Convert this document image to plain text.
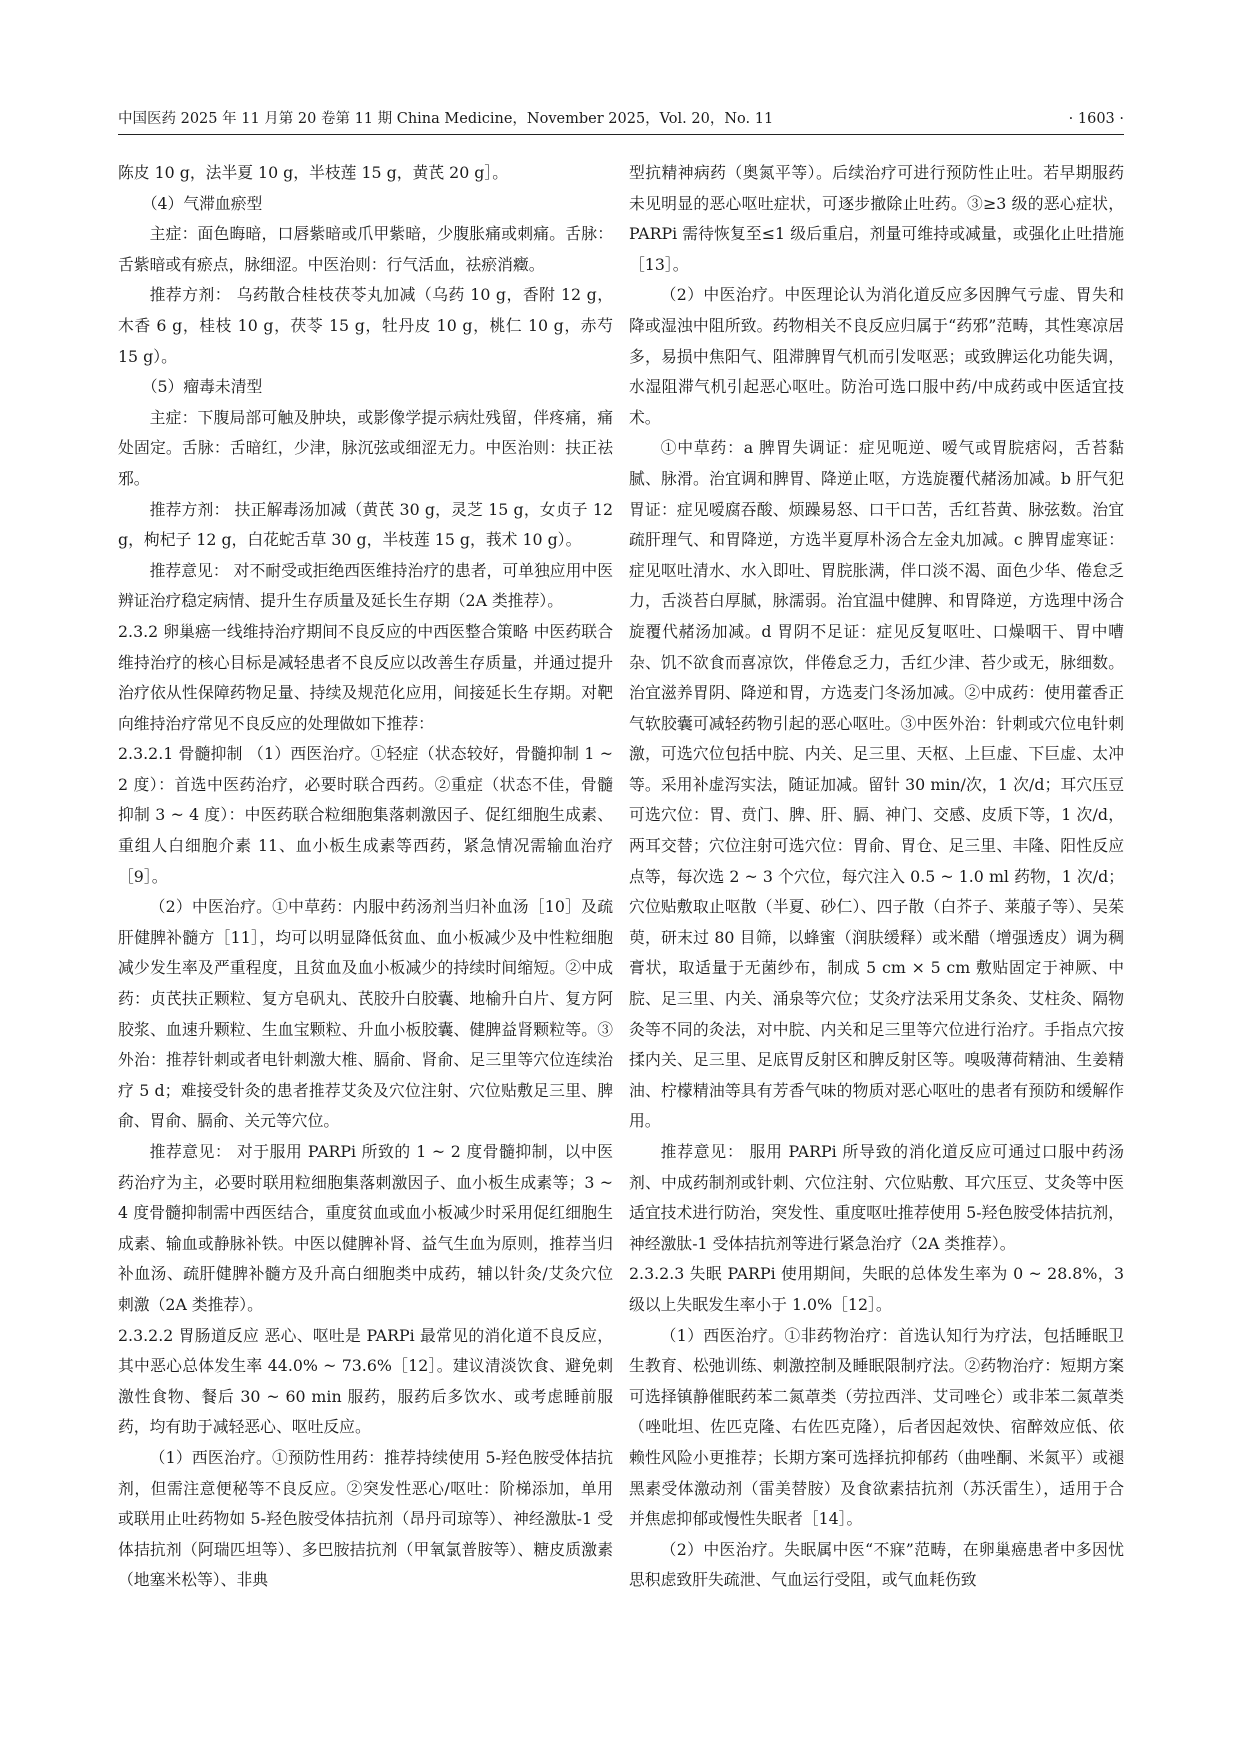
中国医药 2025 年 11 月第 20 卷第 11 期 China Medicine，November 2025，Vol. 20，No. 11	· 1603 ·

陈皮 10 g，法半夏 10 g，半枝莲 15 g，黄芪 20 g］。

（4）气滞血瘀型

主症：面色晦暗，口唇紫暗或爪甲紫暗，少腹胀痛或刺痛。舌脉：舌紫暗或有瘀点，脉细涩。中医治则：行气活血，祛瘀消癥。

推荐方剂： 乌药散合桂枝茯苓丸加减（乌药 10 g，香附 12 g，木香 6 g，桂枝 10 g，茯苓 15 g，牡丹皮 10 g，桃仁 10 g，赤芍 15 g）。

（5）瘤毒未清型

主症：下腹局部可触及肿块，或影像学提示病灶残留，伴疼痛，痛处固定。舌脉：舌暗红，少津，脉沉弦或细涩无力。中医治则：扶正祛邪。

推荐方剂： 扶正解毒汤加减（黄芪 30 g，灵芝 15 g，女贞子 12 g，枸杞子 12 g，白花蛇舌草 30 g，半枝莲 15 g，莪术 10 g）。

推荐意见： 对不耐受或拒绝西医维持治疗的患者，可单独应用中医辨证治疗稳定病情、提升生存质量及延长生存期（2A 类推荐）。

2.3.2 卵巢癌一线维持治疗期间不良反应的中西医整合策略 中医药联合维持治疗的核心目标是减轻患者不良反应以改善生存质量，并通过提升治疗依从性保障药物足量、持续及规范化应用，间接延长生存期。对靶向维持治疗常见不良反应的处理做如下推荐：

2.3.2.1 骨髓抑制 （1）西医治疗。①轻症（状态较好，骨髓抑制 1 ~ 2 度）：首选中医药治疗，必要时联合西药。②重症（状态不佳，骨髓抑制 3 ~ 4 度）：中医药联合粒细胞集落刺激因子、促红细胞生成素、重组人白细胞介素 11、血小板生成素等西药，紧急情况需输血治疗［9］。

（2）中医治疗。①中草药：内服中药汤剂当归补血汤［10］及疏肝健脾补髓方［11］，均可以明显降低贫血、血小板减少及中性粒细胞减少发生率及严重程度，且贫血及血小板减少的持续时间缩短。②中成药：贞芪扶正颗粒、复方皂矾丸、芪胶升白胶囊、地榆升白片、复方阿胶浆、血速升颗粒、生血宝颗粒、升血小板胶囊、健脾益肾颗粒等。③外治：推荐针刺或者电针刺激大椎、膈俞、肾俞、足三里等穴位连续治疗 5 d；难接受针灸的患者推荐艾灸及穴位注射、穴位贴敷足三里、脾俞、胃俞、膈俞、关元等穴位。

推荐意见： 对于服用 PARPi 所致的 1 ~ 2 度骨髓抑制，以中医药治疗为主，必要时联用粒细胞集落刺激因子、血小板生成素等；3 ~ 4 度骨髓抑制需中西医结合，重度贫血或血小板减少时采用促红细胞生成素、输血或静脉补铁。中医以健脾补肾、益气生血为原则，推荐当归补血汤、疏肝健脾补髓方及升高白细胞类中成药，辅以针灸/艾灸穴位刺激（2A 类推荐）。

2.3.2.2 胃肠道反应 恶心、呕吐是 PARPi 最常见的消化道不良反应，其中恶心总体发生率 44.0% ~ 73.6%［12］。建议清淡饮食、避免刺激性食物、餐后 30 ~ 60 min 服药，服药后多饮水、或考虑睡前服药，均有助于减轻恶心、呕吐反应。

（1）西医治疗。①预防性用药：推荐持续使用 5-羟色胺受体拮抗剂，但需注意便秘等不良反应。②突发性恶心/呕吐：阶梯添加，单用或联用止吐药物如 5-羟色胺受体拮抗剂（昂丹司琼等）、神经激肽-1 受体拮抗剂（阿瑞匹坦等）、多巴胺拮抗剂（甲氧氯普胺等）、糖皮质激素（地塞米松等）、非典

型抗精神病药（奥氮平等）。后续治疗可进行预防性止吐。若早期服药未见明显的恶心呕吐症状，可逐步撤除止吐药。③≥3 级的恶心症状，PARPi 需待恢复至≤1 级后重启，剂量可维持或减量，或强化止吐措施［13］。

（2）中医治疗。中医理论认为消化道反应多因脾气亏虚、胃失和降或湿浊中阻所致。药物相关不良反应归属于“药邪”范畴，其性寒凉居多，易损中焦阳气、阻滞脾胃气机而引发呕恶；或致脾运化功能失调，水湿阻滞气机引起恶心呕吐。防治可选口服中药/中成药或中医适宜技术。

①中草药：a 脾胃失调证：症见呃逆、嗳气或胃脘痞闷，舌苔黏腻、脉滑。治宜调和脾胃、降逆止呕，方选旋覆代赭汤加减。b 肝气犯胃证：症见嗳腐吞酸、烦躁易怒、口干口苦，舌红苔黄、脉弦数。治宜疏肝理气、和胃降逆，方选半夏厚朴汤合左金丸加减。c 脾胃虚寒证：症见呕吐清水、水入即吐、胃脘胀满，伴口淡不渴、面色少华、倦怠乏力，舌淡苔白厚腻，脉濡弱。治宜温中健脾、和胃降逆，方选理中汤合旋覆代赭汤加减。d 胃阴不足证：症见反复呕吐、口燥咽干、胃中嘈杂、饥不欲食而喜凉饮，伴倦怠乏力，舌红少津、苔少或无，脉细数。治宜滋养胃阴、降逆和胃，方选麦门冬汤加减。②中成药：使用藿香正气软胶囊可减轻药物引起的恶心呕吐。③中医外治：针刺或穴位电针刺激，可选穴位包括中脘、内关、足三里、天枢、上巨虚、下巨虚、太冲等。采用补虚泻实法，随证加减。留针 30 min/次，1 次/d；耳穴压豆可选穴位：胃、贲门、脾、肝、膈、神门、交感、皮质下等，1 次/d，两耳交替；穴位注射可选穴位：胃俞、胃仓、足三里、丰隆、阳性反应点等，每次选 2 ~ 3 个穴位，每穴注入 0.5 ~ 1.0 ml 药物，1 次/d；穴位贴敷取止呕散（半夏、砂仁）、四子散（白芥子、莱菔子等）、吴茱萸，研末过 80 目筛，以蜂蜜（润肤缓释）或米醋（增强透皮）调为稠膏状，取适量于无菌纱布，制成 5 cm × 5 cm 敷贴固定于神厥、中脘、足三里、内关、涌泉等穴位；艾灸疗法采用艾条灸、艾柱灸、隔物灸等不同的灸法，对中脘、内关和足三里等穴位进行治疗。手指点穴按揉内关、足三里、足底胃反射区和脾反射区等。嗅吸薄荷精油、生姜精油、柠檬精油等具有芳香气味的物质对恶心呕吐的患者有预防和缓解作用。

推荐意见： 服用 PARPi 所导致的消化道反应可通过口服中药汤剂、中成药制剂或针刺、穴位注射、穴位贴敷、耳穴压豆、艾灸等中医适宜技术进行防治，突发性、重度呕吐推荐使用 5-羟色胺受体拮抗剂，神经激肽-1 受体拮抗剂等进行紧急治疗（2A 类推荐）。

2.3.2.3 失眠 PARPi 使用期间，失眠的总体发生率为 0 ~ 28.8%，3 级以上失眠发生率小于 1.0%［12］。

（1）西医治疗。①非药物治疗：首选认知行为疗法，包括睡眠卫生教育、松弛训练、刺激控制及睡眠限制疗法。②药物治疗：短期方案可选择镇静催眠药苯二氮䓬类（劳拉西泮、艾司唑仑）或非苯二氮䓬类（唑吡坦、佐匹克隆、右佐匹克隆），后者因起效快、宿醉效应低、依赖性风险小更推荐；长期方案可选择抗抑郁药（曲唑酮、米氮平）或褪黑素受体激动剂（雷美替胺）及食欲素拮抗剂（苏沃雷生），适用于合并焦虑抑郁或慢性失眠者［14］。

（2）中医治疗。失眠属中医“不寐”范畴，在卵巢癌患者中多因忧思积虑致肝失疏泄、气血运行受阻，或气血耗伤致
